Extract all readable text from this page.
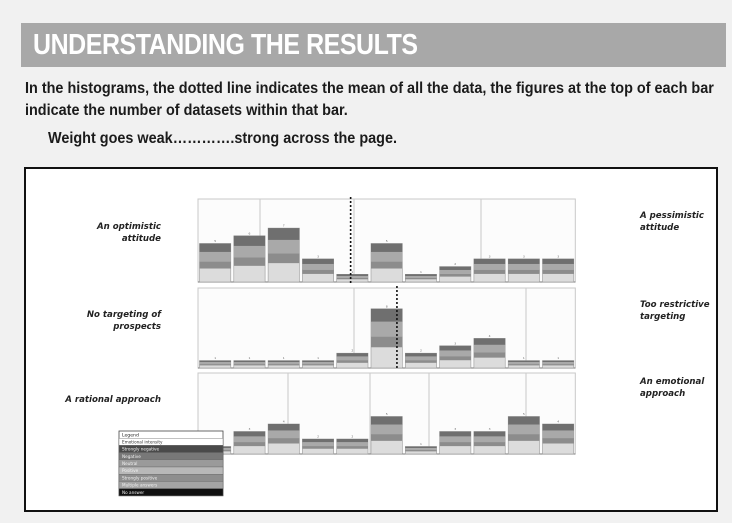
UNDERSTANDING THE RESULTS

In the histograms, the dotted line indicates the mean of all the data, the figures at the top of each bar indicate the number of datasets within that bar.

Weight goes weak………….strong across the page.
5
6
7
3
1
5
1
2
3	3	3
An optimistic
attitude
A pessimistic
attitude
1	1	1	1
2
8
2
3
4
1	1
No targeting of
prospects
Too restrictive
targeting
3
4
2	2
5
1
3	3
5
4
A rational approach
An emotional
approach
Legend
Emotional intensity
Strongly negative
Negative
Neutral
Positive
Strongly positive
Multiple answers
No answer
